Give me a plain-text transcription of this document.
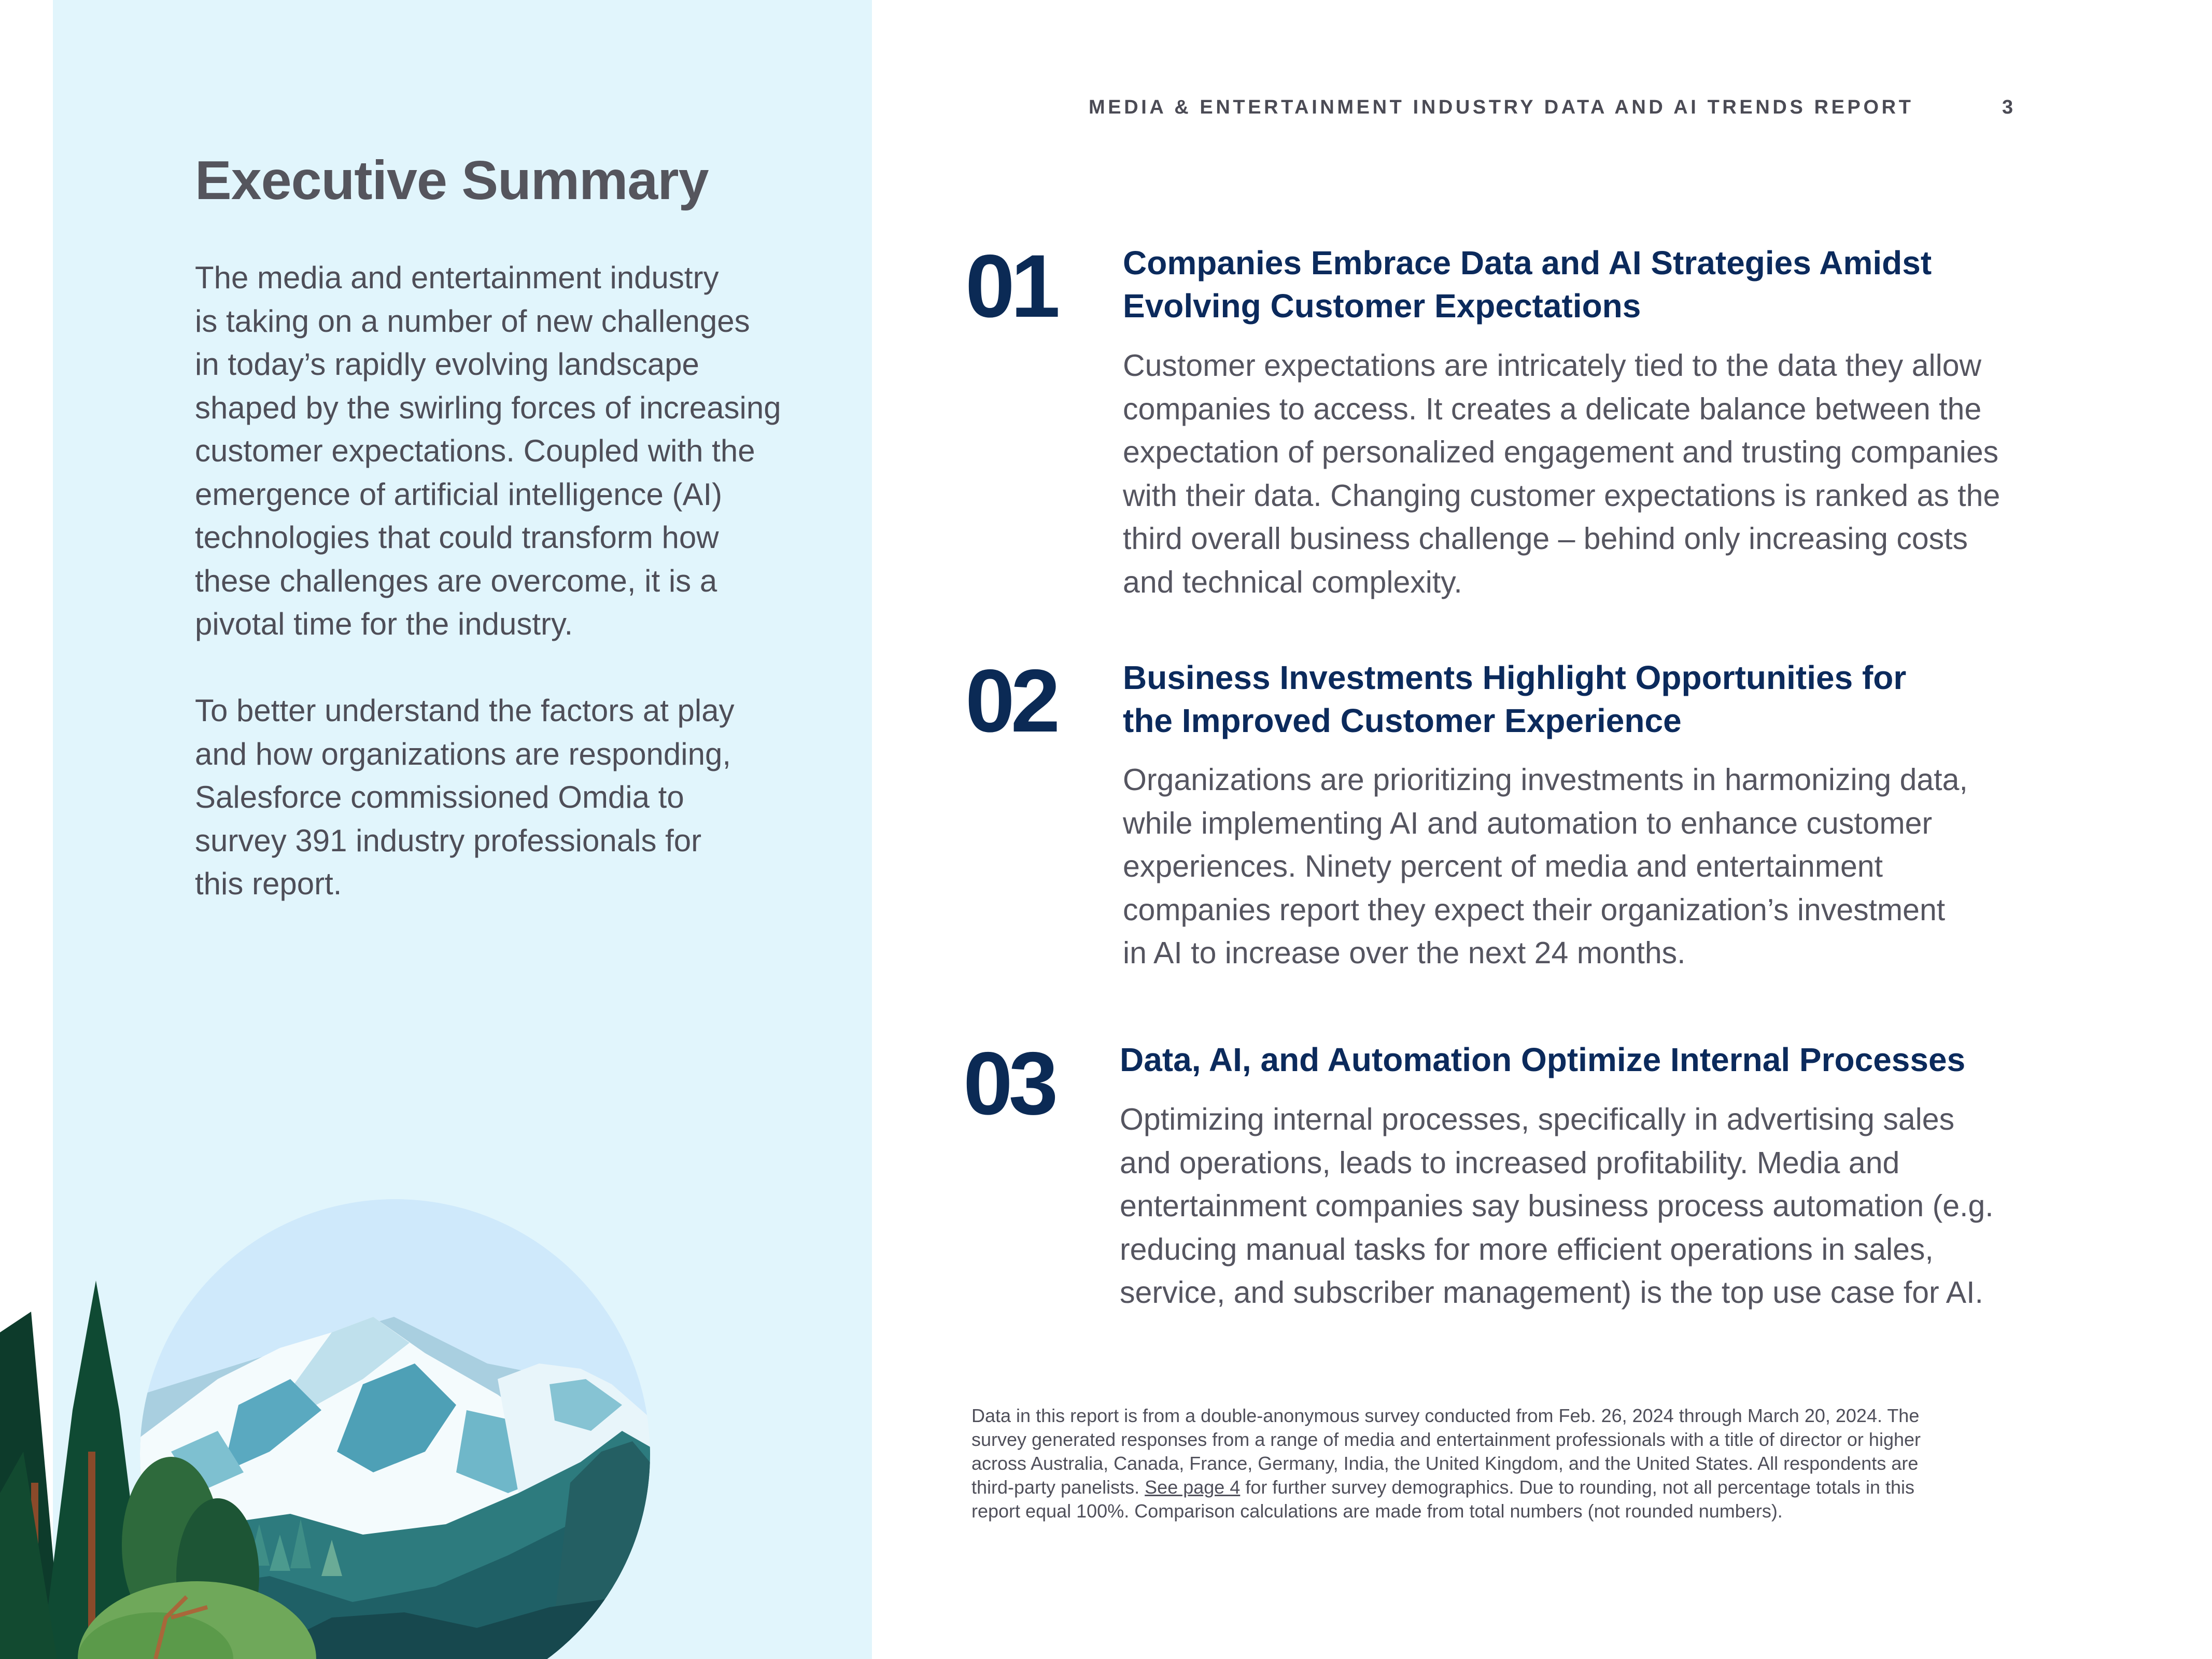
Executive Summary

The media and entertainment industry
is taking on a number of new challenges
in today’s rapidly evolving landscape
shaped by the swirling forces of increasing
customer expectations. Coupled with the
emergence of artificial intelligence (AI)
technologies that could transform how
these challenges are overcome, it is a
pivotal time for the industry.

To better understand the factors at play
and how organizations are responding,
Salesforce commissioned Omdia to
survey 391 industry professionals for
this report.

MEDIA & ENTERTAINMENT INDUSTRY DATA AND AI TRENDS REPORT	3
01 Companies Embrace Data and AI Strategies Amidst
Evolving Customer Expectations

Customer expectations are intricately tied to the data they allow
companies to access. It creates a delicate balance between the
expectation of personalized engagement and trusting companies
with their data. Changing customer expectations is ranked as the
third overall business challenge – behind only increasing costs
and technical complexity.

02 Business Investments Highlight Opportunities for
the Improved Customer Experience

Organizations are prioritizing investments in harmonizing data,
while implementing AI and automation to enhance customer
experiences. Ninety percent of media and entertainment
companies report they expect their organization’s investment
in AI to increase over the next 24 months.

03 Data, AI, and Automation Optimize Internal Processes

Optimizing internal processes, specifically in advertising sales
and operations, leads to increased profitability. Media and
entertainment companies say business process automation (e.g.
reducing manual tasks for more efficient operations in sales,
service, and subscriber management) is the top use case for AI.

Data in this report is from a double-anonymous survey conducted from Feb. 26, 2024 through March 20, 2024. The
survey generated responses from a range of media and entertainment professionals with a title of director or higher
across Australia, Canada, France, Germany, India, the United Kingdom, and the United States. All respondents are
third-party panelists. See page 4 for further survey demographics. Due to rounding, not all percentage totals in this
report equal 100%. Comparison calculations are made from total numbers (not rounded numbers).
